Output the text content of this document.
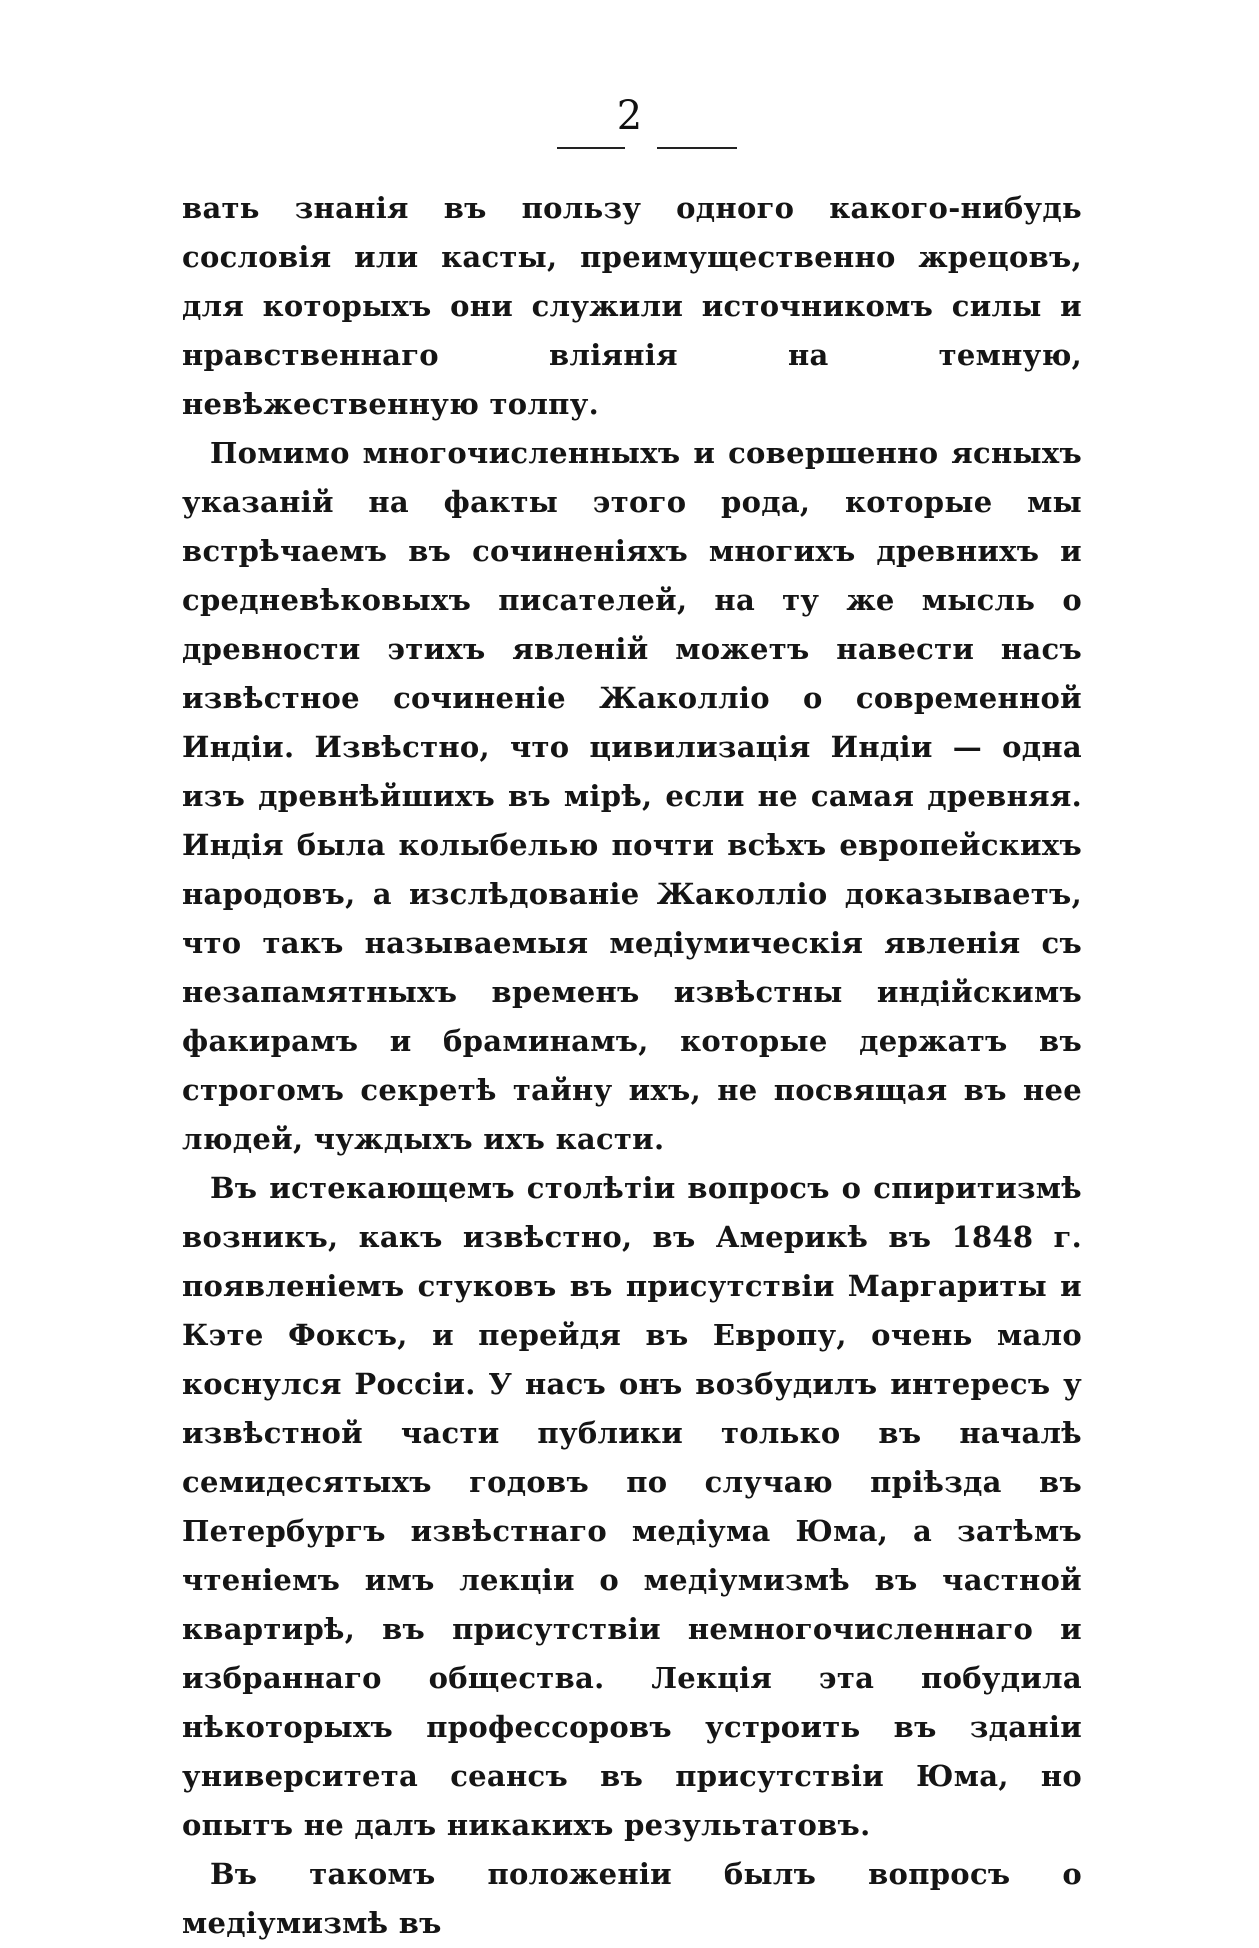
2

вать знанія въ пользу одного какого-нибудь сословія или касты, преимущественно жрецовъ, для которыхъ они служили источникомъ силы и нравственнаго вліянія на темную, невѣжественную толпу.

Помимо многочисленныхъ и совершенно ясныхъ указаній на факты этого рода, которые мы встрѣчаемъ въ сочиненіяхъ многихъ древнихъ и средневѣковыхъ писателей, на ту же мысль о древности этихъ явленій можетъ навести насъ извѣстное сочиненіе Жаколліо о современной Индіи. Извѣстно, что цивилизація Индіи — одна изъ древнѣйшихъ въ мірѣ, если не самая древняя. Индія была колыбелью почти всѣхъ европейскихъ народовъ, а изслѣдованіе Жаколліо доказываетъ, что такъ называемыя медіумическія явленія съ незапамятныхъ временъ извѣстны индійскимъ факирамъ и браминамъ, которые держатъ въ строгомъ секретѣ тайну ихъ, не посвящая въ нее людей, чуждыхъ ихъ касти.

Въ истекающемъ столѣтіи вопросъ о спиритизмѣ возникъ, какъ извѣстно, въ Америкѣ въ 1848 г. появленіемъ стуковъ въ присутствіи Маргариты и Кэте Фоксъ, и перейдя въ Европу, очень мало коснулся Россіи. У насъ онъ возбудилъ интересъ у извѣстной части публики только въ началѣ семидесятыхъ годовъ по случаю пріѣзда въ Петербургъ извѣстнаго медіума Юма, а затѣмъ чтеніемъ имъ лекціи о медіумизмѣ въ частной квартирѣ, въ присутствіи немногочисленнаго и избраннаго общества. Лекція эта побудила нѣкоторыхъ профессоровъ устроить въ зданіи университета сеансъ въ присутствіи Юма, но опытъ не далъ никакихъ результатовъ.

Въ такомъ положеніи былъ вопросъ о медіумизмѣ въ
